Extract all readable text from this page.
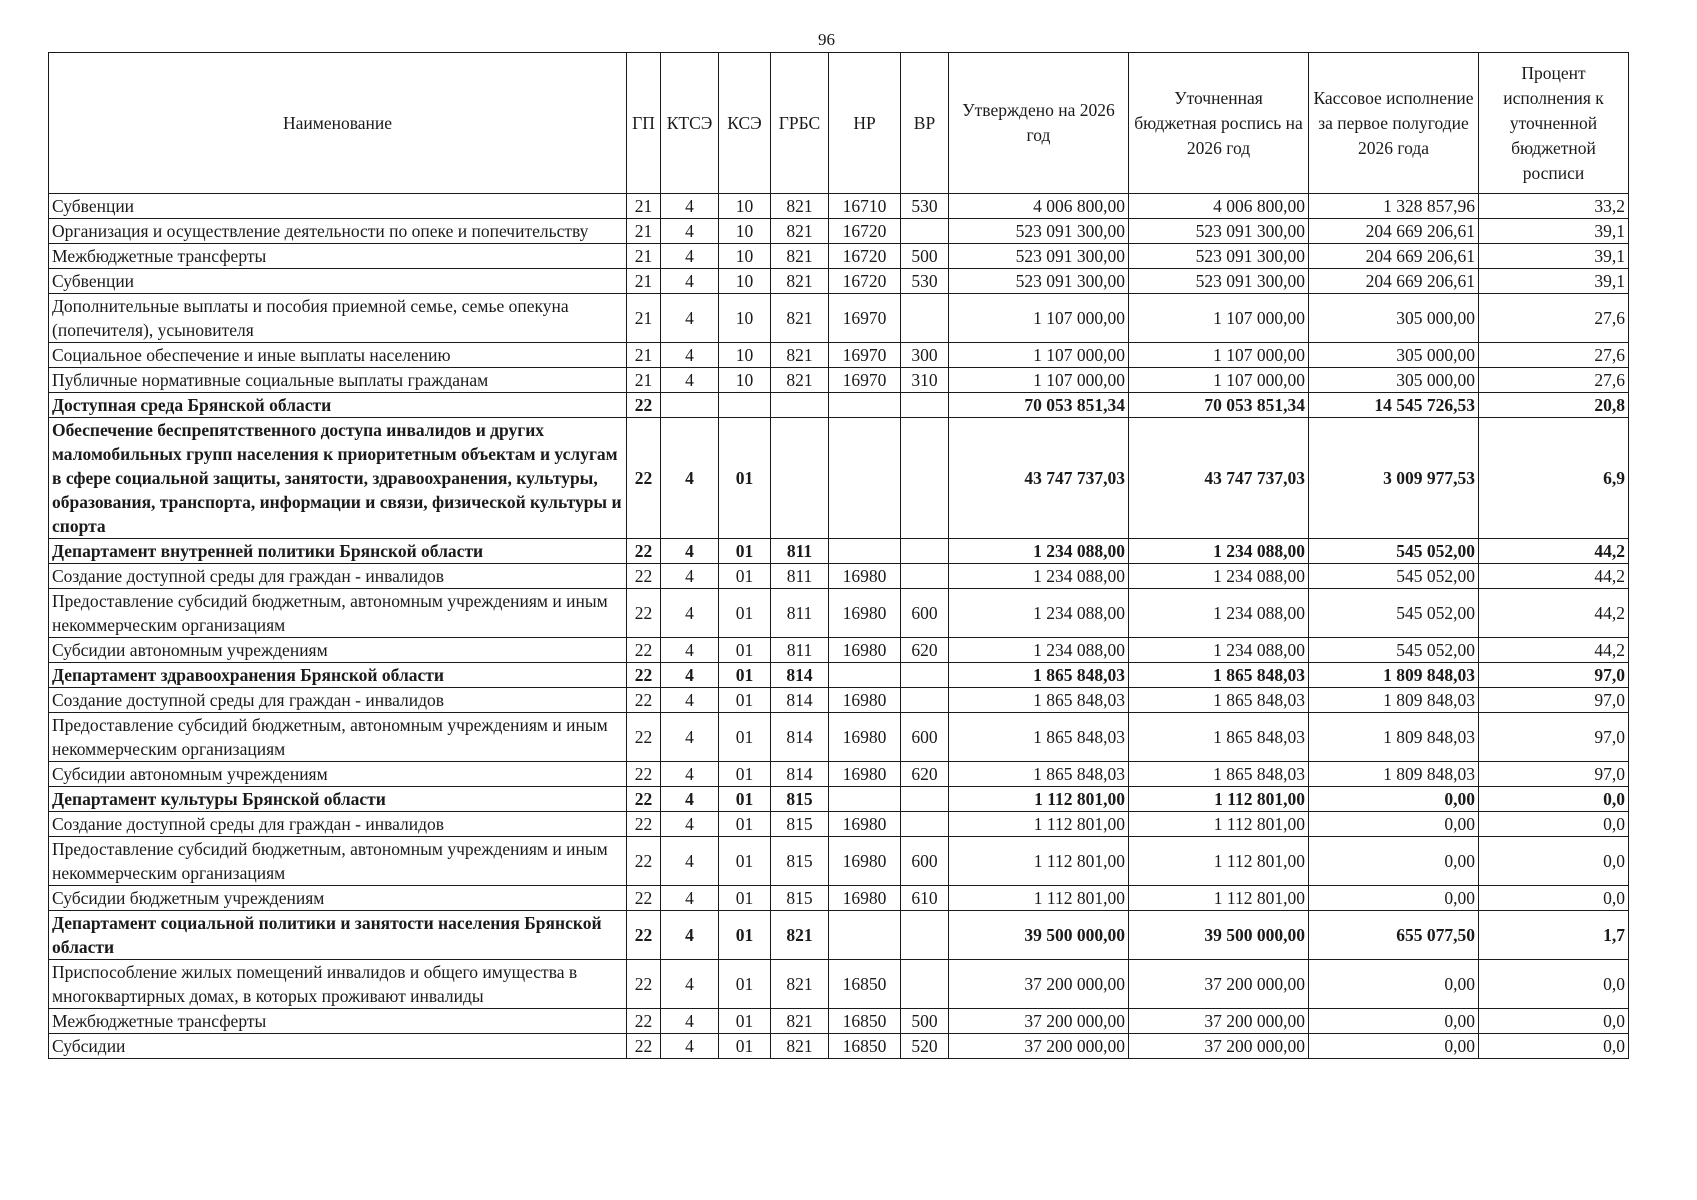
96
Наименование	ГП	КТСЭ	КСЭ	ГРБС	НР	ВР	Утверждено на 2026 год	Уточненная бюджетная роспись на 2026 год	Кассовое исполнение за первое полугодие 2026 года	Процент исполнения к уточненной бюджетной росписи
Субвенции	21	4	10	821	16710	530	4 006 800,00	4 006 800,00	1 328 857,96	33,2
Организация и осуществление деятельности по опеке и попечительству	21	4	10	821	16720		523 091 300,00	523 091 300,00	204 669 206,61	39,1
Межбюджетные трансферты	21	4	10	821	16720	500	523 091 300,00	523 091 300,00	204 669 206,61	39,1
Субвенции	21	4	10	821	16720	530	523 091 300,00	523 091 300,00	204 669 206,61	39,1
Дополнительные выплаты и пособия приемной семье, семье опекуна (попечителя), усыновителя	21	4	10	821	16970		1 107 000,00	1 107 000,00	305 000,00	27,6
Социальное обеспечение и иные выплаты населению	21	4	10	821	16970	300	1 107 000,00	1 107 000,00	305 000,00	27,6
Публичные нормативные социальные выплаты гражданам	21	4	10	821	16970	310	1 107 000,00	1 107 000,00	305 000,00	27,6
Доступная среда Брянской области	22						70 053 851,34	70 053 851,34	14 545 726,53	20,8
Обеспечение беспрепятственного доступа инвалидов и других маломобильных групп населения к приоритетным объектам и услугам в сфере социальной защиты, занятости, здравоохранения, культуры, образования, транспорта, информации и связи, физической культуры и спорта	22	4	01				43 747 737,03	43 747 737,03	3 009 977,53	6,9
Департамент внутренней политики Брянской области	22	4	01	811			1 234 088,00	1 234 088,00	545 052,00	44,2
Создание доступной среды для граждан - инвалидов	22	4	01	811	16980		1 234 088,00	1 234 088,00	545 052,00	44,2
Предоставление субсидий бюджетным, автономным учреждениям и иным некоммерческим организациям	22	4	01	811	16980	600	1 234 088,00	1 234 088,00	545 052,00	44,2
Субсидии автономным учреждениям	22	4	01	811	16980	620	1 234 088,00	1 234 088,00	545 052,00	44,2
Департамент здравоохранения Брянской области	22	4	01	814			1 865 848,03	1 865 848,03	1 809 848,03	97,0
Создание доступной среды для граждан - инвалидов	22	4	01	814	16980		1 865 848,03	1 865 848,03	1 809 848,03	97,0
Предоставление субсидий бюджетным, автономным учреждениям и иным некоммерческим организациям	22	4	01	814	16980	600	1 865 848,03	1 865 848,03	1 809 848,03	97,0
Субсидии автономным учреждениям	22	4	01	814	16980	620	1 865 848,03	1 865 848,03	1 809 848,03	97,0
Департамент культуры Брянской области	22	4	01	815			1 112 801,00	1 112 801,00	0,00	0,0
Создание доступной среды для граждан - инвалидов	22	4	01	815	16980		1 112 801,00	1 112 801,00	0,00	0,0
Предоставление субсидий бюджетным, автономным учреждениям и иным некоммерческим организациям	22	4	01	815	16980	600	1 112 801,00	1 112 801,00	0,00	0,0
Субсидии бюджетным учреждениям	22	4	01	815	16980	610	1 112 801,00	1 112 801,00	0,00	0,0
Департамент социальной политики и занятости населения Брянской области	22	4	01	821			39 500 000,00	39 500 000,00	655 077,50	1,7
Приспособление жилых помещений инвалидов и общего имущества в многоквартирных домах, в которых проживают инвалиды	22	4	01	821	16850		37 200 000,00	37 200 000,00	0,00	0,0
Межбюджетные трансферты	22	4	01	821	16850	500	37 200 000,00	37 200 000,00	0,00	0,0
Субсидии	22	4	01	821	16850	520	37 200 000,00	37 200 000,00	0,00	0,0
